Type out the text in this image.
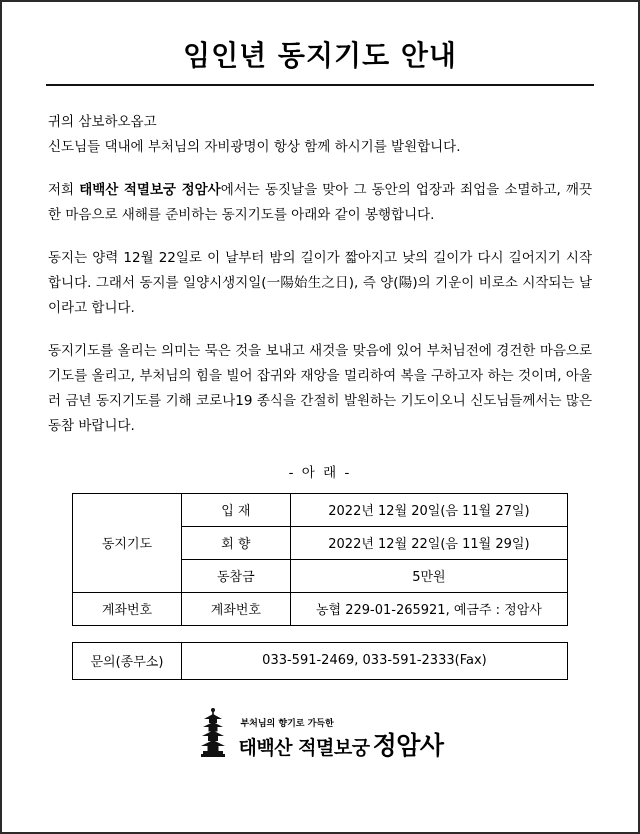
임인년 동지기도 안내

귀의 삼보하오옵고
신도님들 댁내에 부처님의 자비광명이 항상 함께 하시기를 발원합니다.

저희 태백산 적멸보궁 정암사에서는 동짓날을 맞아 그 동안의 업장과 죄업을 소멸하고, 깨끗한 마음으로 새해를 준비하는 동지기도를 아래와 같이 봉행합니다.

동지는 양력 12월 22일로 이 날부터 밤의 길이가 짧아지고 낮의 길이가 다시 길어지기 시작합니다. 그래서 동지를 일양시생지일(一陽始生之日), 즉 양(陽)의 기운이 비로소 시작되는 날이라고 합니다.

동지기도를 올리는 의미는 묵은 것을 보내고 새것을 맞음에 있어 부처님전에 경건한 마음으로 기도를 올리고, 부처님의 힘을 빌어 잡귀와 재앙을 멀리하여 복을 구하고자 하는 것이며, 아울러 금년 동지기도를 기해 코로나19 종식을 간절히 발원하는 기도이오니 신도님들께서는 많은 동참 바랍니다.

- 아 래 -
동지기도	입 재	2022년 12월 20일(음 11월 27일)
	회 향	2022년 12월 22일(음 11월 29일)
	동참금	5만원
계좌번호	계좌번호	농협 229-01-265921, 예금주 : 정암사
문의(종무소)	033-591-2469, 033-591-2333(Fax)
부처님의 향기로 가득한
태백산 적멸보궁 정암사
